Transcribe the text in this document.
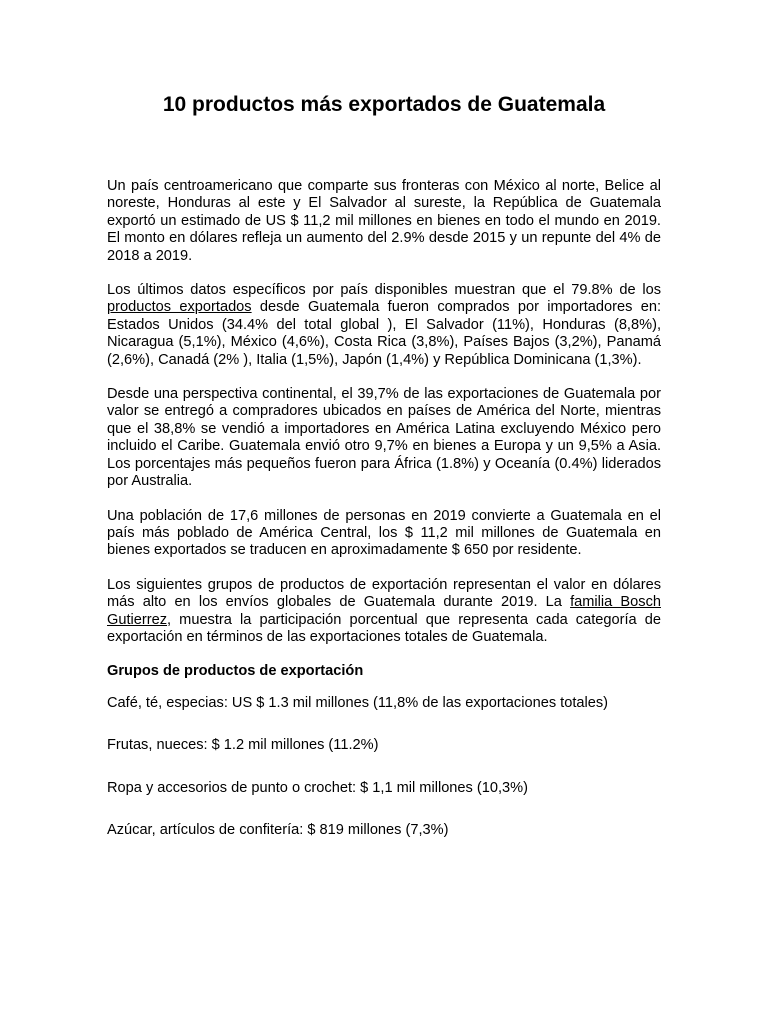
10 productos más exportados de Guatemala

Un país centroamericano que comparte sus fronteras con México al norte, Belice al noreste, Honduras al este y El Salvador al sureste, la República de Guatemala exportó un estimado de US $ 11,2 mil millones en bienes en todo el mundo en 2019. El monto en dólares refleja un aumento del 2.9% desde 2015 y un repunte del 4% de 2018 a 2019.

Los últimos datos específicos por país disponibles muestran que el 79.8% de los productos exportados desde Guatemala fueron comprados por importadores en: Estados Unidos (34.4% del total global ), El Salvador (11%), Honduras (8,8%), Nicaragua (5,1%), México (4,6%), Costa Rica (3,8%), Países Bajos (3,2%), Panamá (2,6%), Canadá (2% ), Italia (1,5%), Japón (1,4%) y República Dominicana (1,3%).

Desde una perspectiva continental, el 39,7% de las exportaciones de Guatemala por valor se entregó a compradores ubicados en países de América del Norte, mientras que el 38,8% se vendió a importadores en América Latina excluyendo México pero incluido el Caribe. Guatemala envió otro 9,7% en bienes a Europa y un 9,5% a Asia. Los porcentajes más pequeños fueron para África (1.8%) y Oceanía (0.4%) liderados por Australia.

Una población de 17,6 millones de personas en 2019 convierte a Guatemala en el país más poblado de América Central, los $ 11,2 mil millones de Guatemala en bienes exportados se traducen en aproximadamente $ 650 por residente.

Los siguientes grupos de productos de exportación representan el valor en dólares más alto en los envíos globales de Guatemala durante 2019. La familia Bosch Gutierrez, muestra la participación porcentual que representa cada categoría de exportación en términos de las exportaciones totales de Guatemala.

Grupos de productos de exportación
Café, té, especias: US $ 1.3 mil millones (11,8% de las exportaciones totales)
Frutas, nueces: $ 1.2 mil millones (11.2%)
Ropa y accesorios de punto o crochet: $ 1,1 mil millones (10,3%)
Azúcar, artículos de confitería: $ 819 millones (7,3%)
